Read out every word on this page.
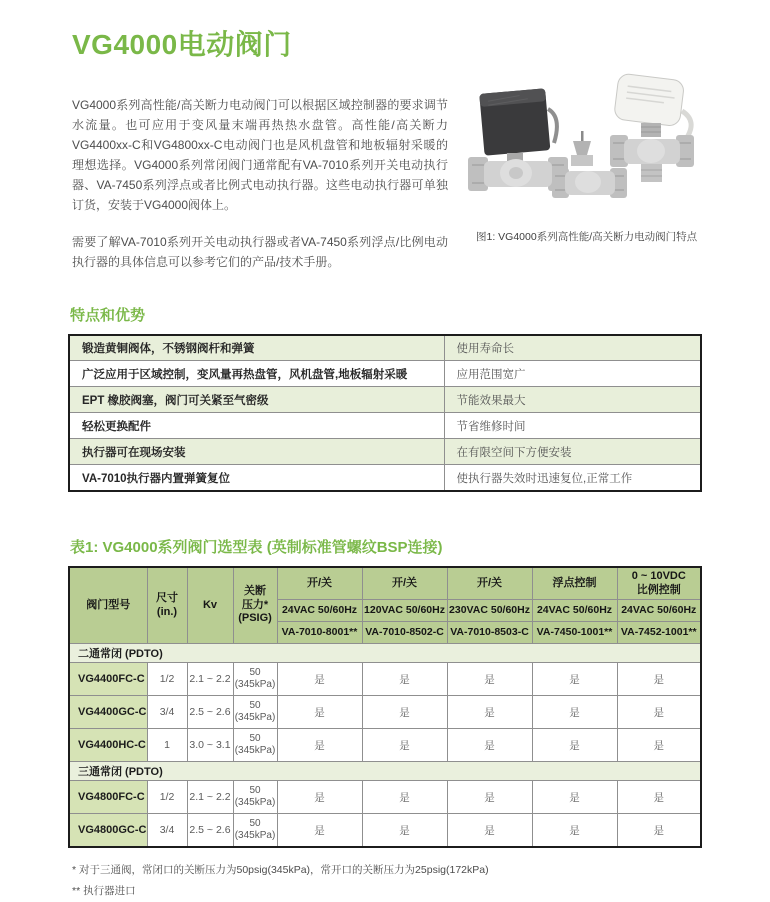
VG4000电动阀门

VG4000系列高性能/高关断力电动阀门可以根据区域控制器的要求调节水流量。也可应用于变风量末端再热热水盘管。高性能/高关断力VG4400xx-C和VG4800xx-C电动阀门也是风机盘管和地板辐射采暖的理想选择。VG4000系列常闭阀门通常配有VA-7010系列开关电动执行器、VA-7450系列浮点或者比例式电动执行器。这些电动执行器可单独订货，安装于VG4000阀体上。

需要了解VA-7010系列开关电动执行器或者VA-7450系列浮点/比例电动执行器的具体信息可以参考它们的产品/技术手册。

图1: VG4000系列高性能/高关断力电动阀门特点
特点和优势
锻造黄铜阀体，不锈钢阀杆和弹簧	使用寿命长
广泛应用于区域控制，变风量再热盘管，风机盘管,地板辐射采暖	应用范围宽广
EPT 橡胶阀塞，阀门可关紧至气密级	节能效果最大
轻松更换配件	节省维修时间
执行器可在现场安装	在有限空间下方便安装
VA-7010执行器内置弹簧复位	使执行器失效时迅速复位,正常工作
表1: VG4000系列阀门选型表 (英制标准管螺纹BSP连接)
阀门型号	尺寸
(in.)	Kv	关断
压力*
(PSIG)	开/关	开/关	开/关	浮点控制	0 ~ 10VDC
比例控制

				24VAC 50/60Hz	120VAC 50/60Hz	230VAC 50/60Hz	24VAC 50/60Hz	24VAC 50/60Hz
				VA-7010-8001**	VA-7010-8502-C	VA-7010-8503-C	VA-7450-1001**	VA-7452-1001**
二通常闭 (PDTO)								
VG4400FC-C	1/2	2.1 ~ 2.2	50
(345kPa)	是	是	是	是	是
VG4400GC-C	3/4	2.5 ~ 2.6	50
(345kPa)	是	是	是	是	是
VG4400HC-C	1	3.0 ~ 3.1	50
(345kPa)	是	是	是	是	是
三通常闭 (PDTO)								
VG4800FC-C	1/2	2.1 ~ 2.2	50
(345kPa)	是	是	是	是	是
VG4800GC-C	3/4	2.5 ~ 2.6	50
(345kPa)	是	是	是	是	是
* 对于三通阀，常闭口的关断压力为50psig(345kPa)，常开口的关断压力为25psig(172kPa)
** 执行器进口
